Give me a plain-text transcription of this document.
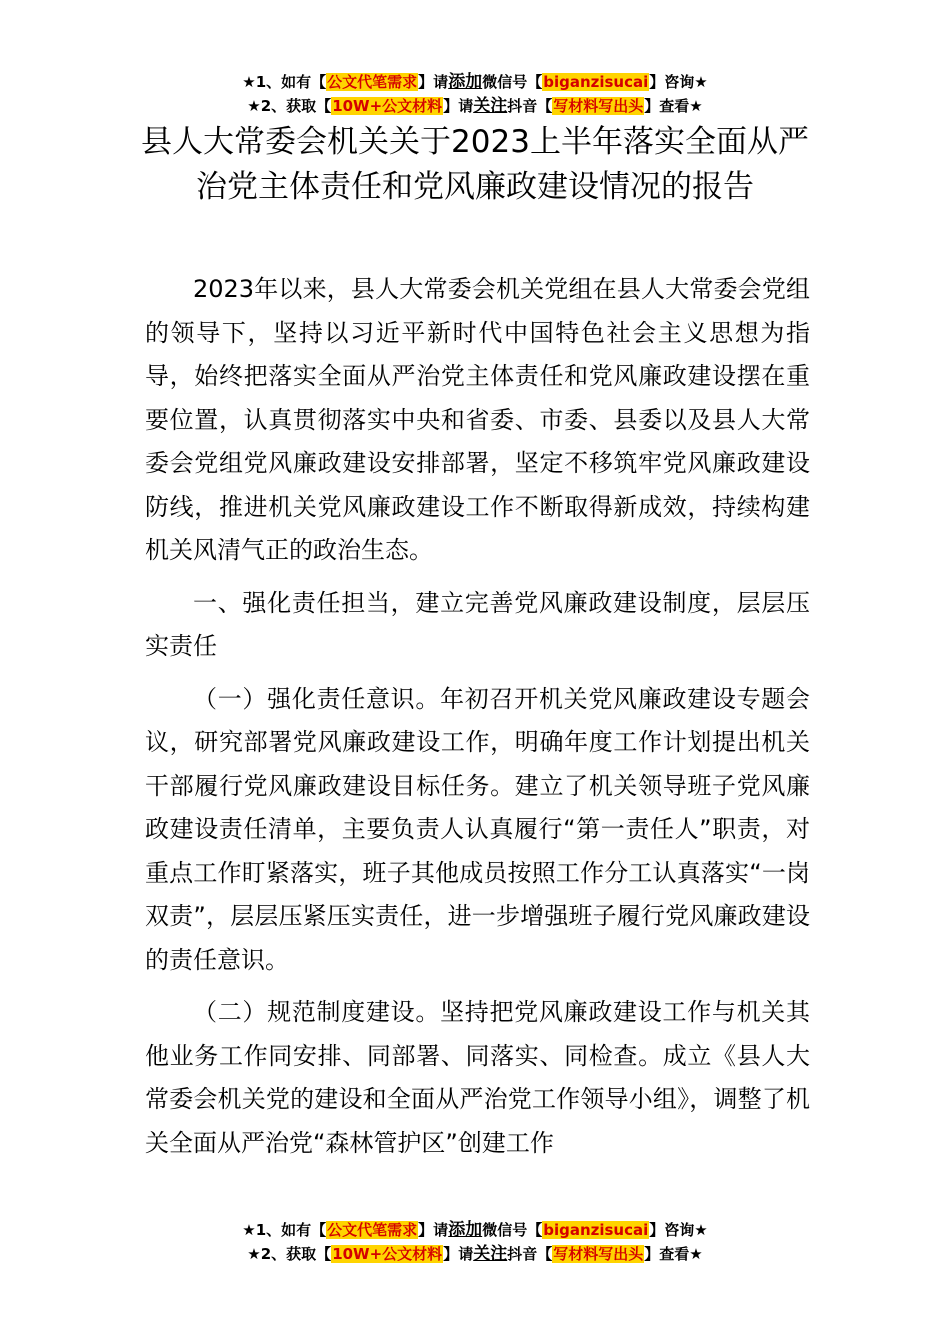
★1、如有【公文代笔需求】请添加微信号【biganzisucai】咨询★
★2、获取【10W+公文材料】请关注抖音【写材料写出头】查看★
县人大常委会机关关于2023上半年落实全面从严治党主体责任和党风廉政建设情况的报告

2023年以来，县人大常委会机关党组在县人大常委会党组的领导下，坚持以习近平新时代中国特色社会主义思想为指导，始终把落实全面从严治党主体责任和党风廉政建设摆在重要位置，认真贯彻落实中央和省委、市委、县委以及县人大常委会党组党风廉政建设安排部署，坚定不移筑牢党风廉政建设防线，推进机关党风廉政建设工作不断取得新成效，持续构建机关风清气正的政治生态。

一、强化责任担当，建立完善党风廉政建设制度，层层压实责任

（一）强化责任意识。年初召开机关党风廉政建设专题会议，研究部署党风廉政建设工作，明确年度工作计划提出机关干部履行党风廉政建设目标任务。建立了机关领导班子党风廉政建设责任清单，主要负责人认真履行“第一责任人”职责，对重点工作盯紧落实，班子其他成员按照工作分工认真落实“一岗双责”，层层压紧压实责任，进一步增强班子履行党风廉政建设的责任意识。

（二）规范制度建设。坚持把党风廉政建设工作与机关其他业务工作同安排、同部署、同落实、同检查。成立《县人大常委会机关党的建设和全面从严治党工作领导小组》，调整了机关全面从严治党“森林管护区”创建工作

★1、如有【公文代笔需求】请添加微信号【biganzisucai】咨询★
★2、获取【10W+公文材料】请关注抖音【写材料写出头】查看★
